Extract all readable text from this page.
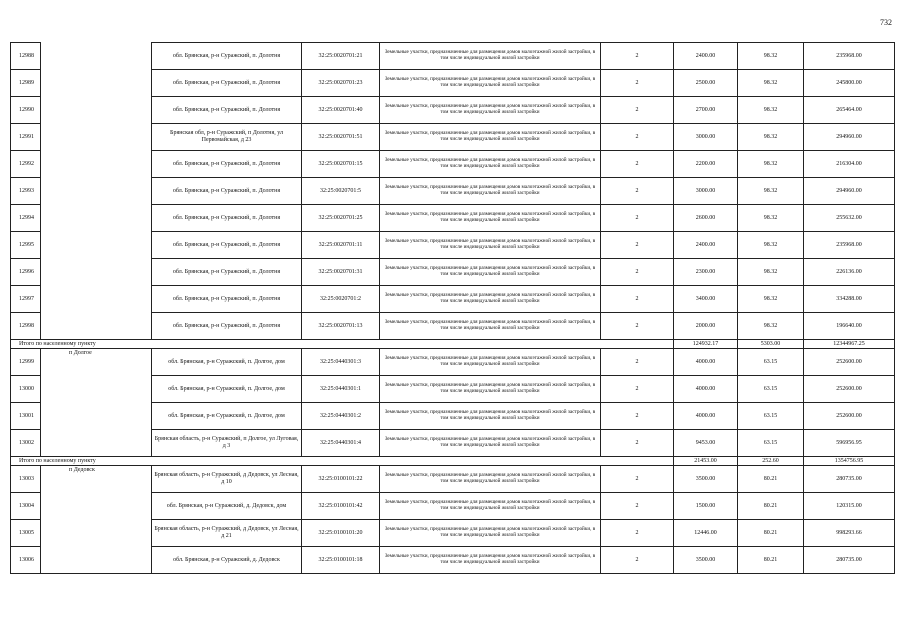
732
12988		обл. Брянская, р-н Суражский, п. Долотня	32:25:0020701:21	Земельные участки, предназначенные для размещения домов малоэтажной жилой застройки, в том числе индивидуальной жилой застройки	2	2400.00	98.32	235968.00
12989		обл. Брянская, р-н Суражский, п. Долотня	32:25:0020701:23	Земельные участки, предназначенные для размещения домов малоэтажной жилой застройки, в том числе индивидуальной жилой застройки	2	2500.00	98.32	245800.00
12990		обл. Брянская, р-н Суражский, п. Долотня	32:25:0020701:40	Земельные участки, предназначенные для размещения домов малоэтажной жилой застройки, в том числе индивидуальной жилой застройки	2	2700.00	98.32	265464.00
12991		Брянская обл, р-н Суражский, п Долотня, ул Первомайская, д 23	32:25:0020701:51	Земельные участки, предназначенные для размещения домов малоэтажной жилой застройки, в том числе индивидуальной жилой застройки	2	3000.00	98.32	294960.00
12992		обл. Брянская, р-н Суражский, п. Долотня	32:25:0020701:15	Земельные участки, предназначенные для размещения домов малоэтажной жилой застройки, в том числе индивидуальной жилой застройки	2	2200.00	98.32	216304.00
12993		обл. Брянская, р-н Суражский, п. Долотня	32:25:0020701:5	Земельные участки, предназначенные для размещения домов малоэтажной жилой застройки, в том числе индивидуальной жилой застройки	2	3000.00	98.32	294960.00
12994		обл. Брянская, р-н Суражский, п. Долотня	32:25:0020701:25	Земельные участки, предназначенные для размещения домов малоэтажной жилой застройки, в том числе индивидуальной жилой застройки	2	2600.00	98.32	255632.00
12995		обл. Брянская, р-н Суражский, п. Долотня	32:25:0020701:11	Земельные участки, предназначенные для размещения домов малоэтажной жилой застройки, в том числе индивидуальной жилой застройки	2	2400.00	98.32	235968.00
12996		обл. Брянская, р-н Суражский, п. Долотня	32:25:0020701:31	Земельные участки, предназначенные для размещения домов малоэтажной жилой застройки, в том числе индивидуальной жилой застройки	2	2300.00	98.32	226136.00
12997		обл. Брянская, р-н Суражский, п. Долотня	32:25:0020701:2	Земельные участки, предназначенные для размещения домов малоэтажной жилой застройки, в том числе индивидуальной жилой застройки	2	3400.00	98.32	334288.00
12998		обл. Брянская, р-н Суражский, п. Долотня	32:25:0020701:13	Земельные участки, предназначенные для размещения домов малоэтажной жилой застройки, в том числе индивидуальной жилой застройки	2	2000.00	98.32	196640.00
Итого по населенному пункту						124932.17	5303.00	12344967.25
12999	п Долгое	обл. Брянская, р-н Суражский, п. Долгое, дом	32:25:0440301:3	Земельные участки, предназначенные для размещения домов малоэтажной жилой застройки, в том числе индивидуальной жилой застройки	2	4000.00	63.15	252600.00
13000		обл. Брянская, р-н Суражский, п. Долгое, дом	32:25:0440301:1	Земельные участки, предназначенные для размещения домов малоэтажной жилой застройки, в том числе индивидуальной жилой застройки	2	4000.00	63.15	252600.00
13001		обл. Брянская, р-н Суражский, п. Долгое, дом	32:25:0440301:2	Земельные участки, предназначенные для размещения домов малоэтажной жилой застройки, в том числе индивидуальной жилой застройки	2	4000.00	63.15	252600.00
13002		Брянская область, р-н Суражский, п Долгое, ул Луговая, д 3	32:25:0440301:4	Земельные участки, предназначенные для размещения домов малоэтажной жилой застройки, в том числе индивидуальной жилой застройки	2	9453.00	63.15	596956.95
Итого по населенному пункту						21453.00	252.60	1354756.95
13003	п Дедовск	Брянская область, р-н Суражский, д Дедовск, ул Лесная, д 10	32:25:0100101:22	Земельные участки, предназначенные для размещения домов малоэтажной жилой застройки, в том числе индивидуальной жилой застройки	2	3500.00	80.21	280735.00
13004		обл. Брянская, р-н Суражский, д. Дедовск, дом	32:25:0100101:42	Земельные участки, предназначенные для размещения домов малоэтажной жилой застройки, в том числе индивидуальной жилой застройки	2	1500.00	80.21	120315.00
13005		Брянская область, р-н Суражский, д Дедовск, ул Лесная, д 21	32:25:0100101:20	Земельные участки, предназначенные для размещения домов малоэтажной жилой застройки, в том числе индивидуальной жилой застройки	2	12446.00	80.21	998293.66
13006		обл. Брянская, р-н Суражский, д. Дедовск	32:25:0100101:18	Земельные участки, предназначенные для размещения домов малоэтажной жилой застройки, в том числе индивидуальной жилой застройки	2	3500.00	80.21	280735.00
